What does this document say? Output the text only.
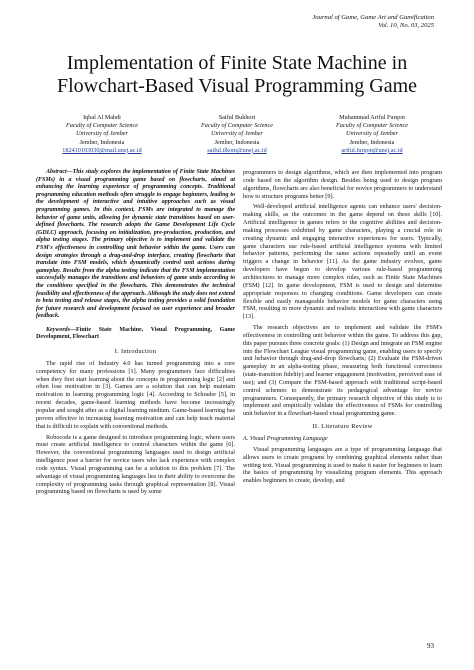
Journal of Game, Game Art and Gamification
Vol. 10, No. 03, 2025
Implementation of Finite State Machine in Flowchart-Based Visual Programming Game
Iqbal Al Mahdi
Faculty of Computer Science
University of Jember
Jember, Indonesia
182410103030@mail.unej.ac.id
Saiful Bukhori
Faculty of Computer Science
University of Jember
Jember, Indonesia
saiful.ilkom@unej.ac.id
Muhammad Ariful Furqon
Faculty of Computer Science
University of Jember
Jember, Indonesia
ariful.furqon@unej.ac.id
Abstract—This study explores the implementation of Finite State Machines (FSMs) in a visual programming game based on flowcharts, aimed at enhancing the learning experience of programming concepts. Traditional programming education methods often struggle to engage beginners, leading to the development of interactive and intuitive approaches such as visual programming games. In this context, FSMs are integrated to manage the behavior of game units, allowing for dynamic state transitions based on user-defined flowcharts. The research adopts the Game Development Life Cycle (GDLC) approach, focusing on initialization, pre-production, production, and alpha testing stages. The primary objective is to implement and validate the FSM's effectiveness in controlling unit behavior within the game. Users can design strategies through a drag-and-drop interface, creating flowcharts that translate into FSM models, which dynamically control unit actions during gameplay. Results from the alpha testing indicate that the FSM implementation successfully manages the transitions and behaviors of game units according to the conditions specified in the flowcharts. This demonstrates the technical feasibility and effectiveness of the approach. Although the study does not extend to beta testing and release stages, the alpha testing provides a solid foundation for future research and development focused on user experience and broader feedback.
Keywords—Finite State Machine, Visual Programming, Game Development, Flowchart
I. Introduction

The rapid rise of Industry 4.0 has turned programming into a core competency for many professions [1]. Many programmers face difficulties when they first start learning about the concepts in programming logic [2] and often lose motivation in [3]. Games are a solution that can help maintain motivation in learning programming logic [4]. According to Schrader [5], in recent decades, game-based learning methods have become increasingly popular and sought after as a digital learning medium. Game-based learning has proven effective in increasing learning motivation and can help teach material that is difficult to explain with conventional methods.

Robocode is a game designed to introduce programming logic, where users must create artificial intelligence to control characters within the game [6]. However, the conventional programming languages used to design artificial intelligence pose a barrier for novice users who lack experience with complex code syntax. Visual programming can be a solution to this problem [7]. The advantage of visual programming languages lies in their ability to overcome the complexity of programming tasks through graphical representation [8]. Visual programming based on flowcharts is used by some

programmers to design algorithms, which are then implemented into program code based on the algorithm design. Besides being used to design program algorithms, flowcharts are also beneficial for novice programmers to understand how to structure programs better [9].

Well-developed artificial intelligence agents can enhance users' decision-making skills, as the outcomes in the game depend on these skills [10]. Artificial intelligence in games refers to the cognitive abilities and decision-making processes exhibited by game characters, playing a crucial role in creating dynamic and engaging interactive experiences for users. Typically, game characters use rule-based artificial intelligence systems with limited behavior patterns, performing the same actions repeatedly until an event triggers a change in behavior [11]. As the game industry evolves, game developers have begun to develop various rule-based programming architectures to manage more complex rules, such as Finite State Machines (FSM) [12]. In game development, FSM is used to design and determine appropriate responses to changing conditions. Game developers can create flexible and easily manageable behavior models for game characters using FSM, resulting in more dynamic and realistic interactions with game characters [13].

The research objectives are to implement and validate the FSM's effectiveness in controlling unit behavior within the game. To address this gap, this paper pursues three concrete goals: (1) Design and integrate an FSM engine into the Flowchart League visual programming game, enabling users to specify unit behavior through drag-and-drop flowcharts; (2) Evaluate the FSM-driven gameplay in an alpha-testing phase, measuring both functional correctness (state-transition fidelity) and learner engagement (motivation, perceived ease of use); and (3) Compare the FSM-based approach with traditional script-based control schemes to demonstrate its pedagogical advantage for novice programmers. Consequently, the primary research objective of this study is to implement and empirically validate the effectiveness of FSMs for controlling unit behavior in a flowchart-based visual programming game.

II. Literature Review
A. Visual Programming Language

Visual programming languages are a type of programming language that allows users to create programs by combining graphical elements rather than writing text. Visual programming is used to make it easier for beginners to learn the basics of programming by visualizing program elements. This approach enables beginners to create, develop, and

93
